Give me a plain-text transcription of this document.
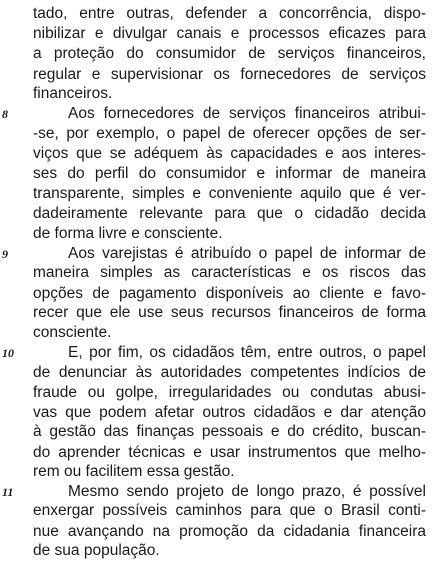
tado, entre outras, defender a concorrência, dispo-
nibilizar e divulgar canais e processos eficazes para
a proteção do consumidor de serviços financeiros,
regular e supervisionar os fornecedores de serviços
financeiros.
8	Aos fornecedores de serviços financeiros atribui-
-se, por exemplo, o papel de oferecer opções de ser-
viços que se adéquem às capacidades e aos interes-
ses do perfil do consumidor e informar de maneira
transparente, simples e conveniente aquilo que é ver-
dadeiramente relevante para que o cidadão decida
de forma livre e consciente.
9	Aos varejistas é atribuído o papel de informar de
maneira simples as características e os riscos das
opções de pagamento disponíveis ao cliente e favo-
recer que ele use seus recursos financeiros de forma
consciente.
10	E, por fim, os cidadãos têm, entre outros, o papel
de denunciar às autoridades competentes indícios de
fraude ou golpe, irregularidades ou condutas abusi-
vas que podem afetar outros cidadãos e dar atenção
à gestão das finanças pessoais e do crédito, buscan-
do aprender técnicas e usar instrumentos que melho-
rem ou facilitem essa gestão.
11	Mesmo sendo projeto de longo prazo, é possível
enxergar possíveis caminhos para que o Brasil conti-
nue avançando na promoção da cidadania financeira
de sua população.
